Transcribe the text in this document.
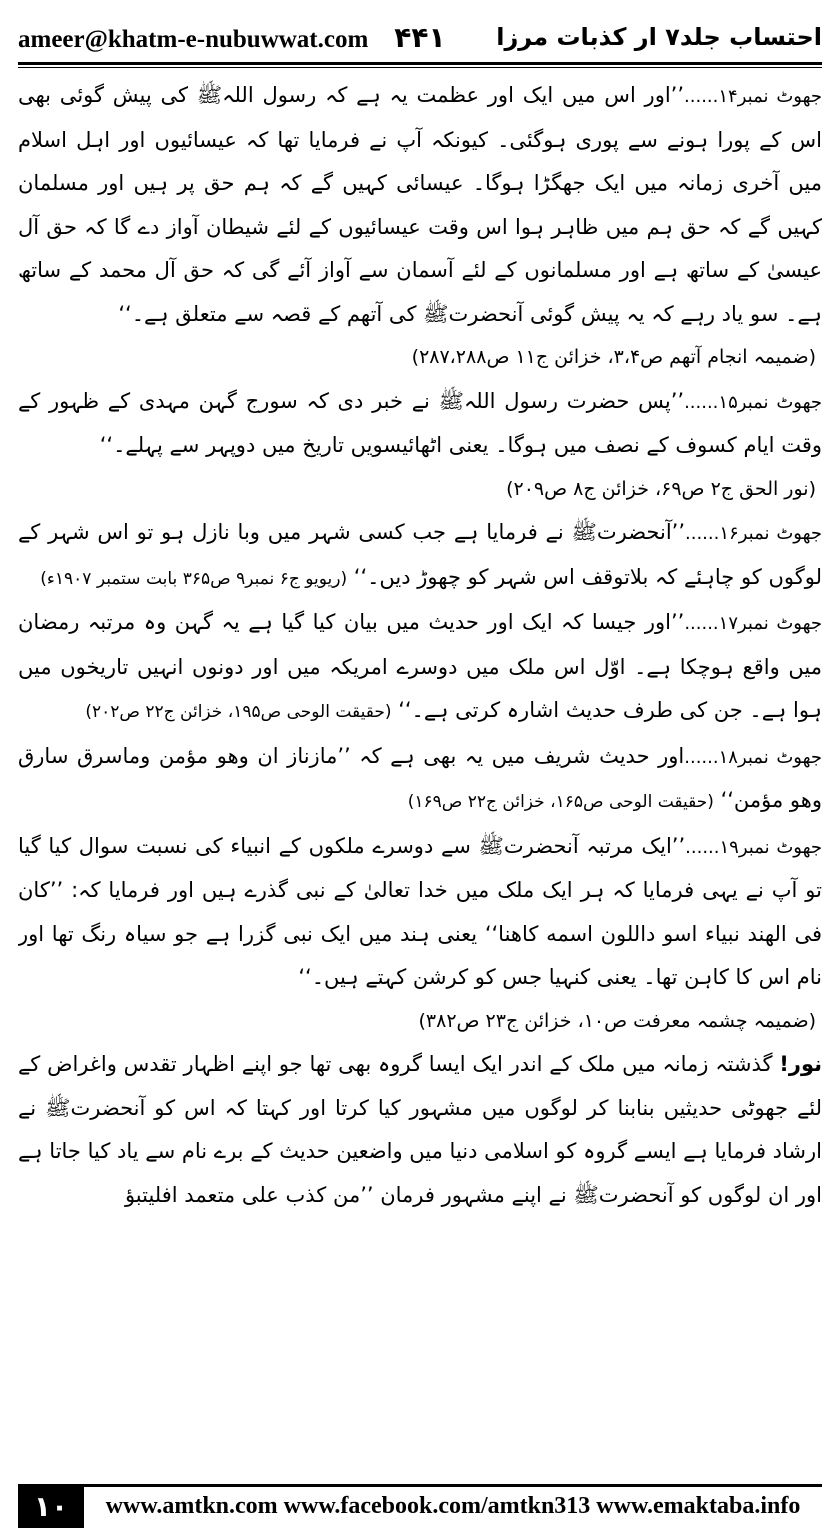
ameer@khatm-e-nubuwwat.com ۴۴۱ احتساب جلد۷ ار کذبات مرزا

جھوٹ نمبر۱۴......’’اور اس میں ایک اور عظمت یہ ہے کہ رسول اللہﷺ کی پیش گوئی بھی اس کے پورا ہونے سے پوری ہوگئی۔ کیونکہ آپ نے فرمایا تھا کہ عیسائیوں اور اہل اسلام میں آخری زمانہ میں ایک جھگڑا ہوگا۔ عیسائی کہیں گے کہ ہم حق پر ہیں اور مسلمان کہیں گے کہ حق ہم میں ظاہر ہوا اس وقت عیسائیوں کے لئے شیطان آواز دے گا کہ حق آل عیسیٰ کے ساتھ ہے اور مسلمانوں کے لئے آسمان سے آواز آئے گی کہ حق آل محمد کے ساتھ ہے۔ سو یاد رہے کہ یہ پیش گوئی آنحضرتﷺ کی آتھم کے قصہ سے متعلق ہے۔‘‘

(ضمیمہ انجام آتھم ص۳،۴، خزائن ج۱۱ ص۲۸۷،۲۸۸)

جھوٹ نمبر۱۵......’’پس حضرت رسول اللہﷺ نے خبر دی کہ سورج گہن مہدی کے ظہور کے وقت ایام کسوف کے نصف میں ہوگا۔ یعنی اٹھائیسویں تاریخ میں دوپہر سے پہلے۔‘‘

(نور الحق ج۲ ص۶۹، خزائن ج۸ ص۲۰۹)

جھوٹ نمبر۱۶......’’آنحضرتﷺ نے فرمایا ہے جب کسی شہر میں وبا نازل ہو تو اس شہر کے لوگوں کو چاہئے کہ بلاتوقف اس شہر کو چھوڑ دیں۔‘‘ (ریویو ج۶ نمبر۹ ص۳۶۵ بابت ستمبر ۱۹۰۷ء)

جھوٹ نمبر۱۷......’’اور جیسا کہ ایک اور حدیث میں بیان کیا گیا ہے یہ گہن وہ مرتبہ رمضان میں واقع ہوچکا ہے۔ اوّل اس ملک میں دوسرے امریکہ میں اور دونوں انہیں تاریخوں میں ہوا ہے۔ جن کی طرف حدیث اشارہ کرتی ہے۔‘‘ (حقیقت الوحی ص۱۹۵، خزائن ج۲۲ ص۲۰۲)

جھوٹ نمبر۱۸......اور حدیث شریف میں یہ بھی ہے کہ ’’مازناز ان وھو مؤمن وماسرق سارق وھو مؤمن‘‘ (حقیقت الوحی ص۱۶۵، خزائن ج۲۲ ص۱۶۹)

جھوٹ نمبر۱۹......’’ایک مرتبہ آنحضرتﷺ سے دوسرے ملکوں کے انبیاء کی نسبت سوال کیا گیا تو آپ نے یہی فرمایا کہ ہر ایک ملک میں خدا تعالیٰ کے نبی گذرے ہیں اور فرمایا کہ: ’’کان فی الھند نبیاء اسو داللون اسمه کاھنا‘‘ یعنی ہند میں ایک نبی گزرا ہے جو سیاہ رنگ تھا اور نام اس کا کاہن تھا۔ یعنی کنہیا جس کو کرشن کہتے ہیں۔‘‘

(ضمیمہ چشمہ معرفت ص۱۰، خزائن ج۲۳ ص۳۸۲)

نور! گذشتہ زمانہ میں ملک کے اندر ایک ایسا گروہ بھی تھا جو اپنے اظہار تقدس واغراض کے لئے جھوٹی حدیثیں بنابنا کر لوگوں میں مشہور کیا کرتا اور کہتا کہ اس کو آنحضرتﷺ نے ارشاد فرمایا ہے ایسے گروہ کو اسلامی دنیا میں واضعین حدیث کے برے نام سے یاد کیا جاتا ہے اور ان لوگوں کو آنحضرتﷺ نے اپنے مشہور فرمان ’’من کذب علی متعمد افلیتبؤ

۱۰	www.amtkn.com www.facebook.com/amtkn313 www.emaktaba.info
